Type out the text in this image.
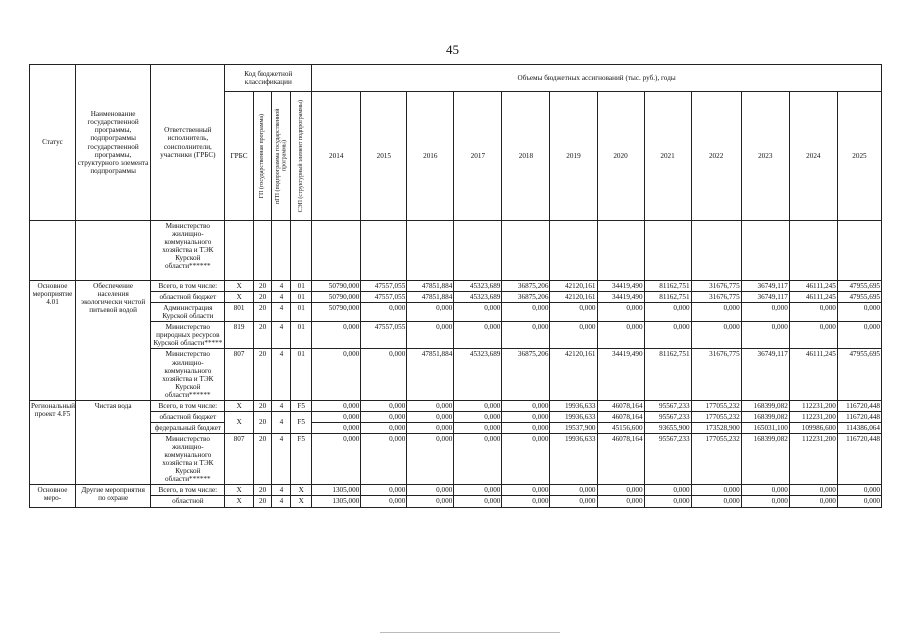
45
Статус	Наименование государственной программы, подпрограммы государственной программы, структурного элемента подпрограммы	Ответственный исполнитель, соисполнители, участники (ГРБС)	Код бюджетной классификации				Объемы бюджетных ассигнований (тыс. руб.), годы											
			ГРБС	ГП (государственная программа)	пГП (подпрограмма государственной программы)	СЭП (структурный элемент подпрограммы)	2014	2015	2016	2017	2018	2019	2020	2021	2022	2023	2024	2025
		Министерство жилищно-коммунального хозяйства и ТЭК Курской области******																
Основное мероприятие 4.01	Обеспечение населения экологически чистой питьевой водой	Всего, в том числе:	X	20	4	01	50790,000	47557,055	47851,884	45323,689	36875,206	42120,161	34419,490	81162,751	31676,775	36749,117	46111,245	47955,695
		областной бюджет	X	20	4	01	50790,000	47557,055	47851,884	45323,689	36875,206	42120,161	34419,490	81162,751	31676,775	36749,117	46111,245	47955,695
		Администрация Курской области	801	20	4	01	50790,000	0,000	0,000	0,000	0,000	0,000	0,000	0,000	0,000	0,000	0,000	0,000
		Министерство природных ресурсов Курской области*****	819	20	4	01	0,000	47557,055	0,000	0,000	0,000	0,000	0,000	0,000	0,000	0,000	0,000	0,000
		Министерство жилищно-коммунального хозяйства и ТЭК Курской области******	807	20	4	01	0,000	0,000	47851,884	45323,689	36875,206	42120,161	34419,490	81162,751	31676,775	36749,117	46111,245	47955,695
Региональный проект 4.F5	Чистая вода	Всего, в том числе:	X	20	4	F5	0,000	0,000	0,000	0,000	0,000	19936,633	46078,164	95567,233	177055,232	168399,082	112231,200	116720,448
		областной бюджет	X	20	4	F5	0,000	0,000	0,000	0,000	0,000	19936,633	46078,164	95567,233	177055,232	168399,082	112231,200	116720,448
		федеральный бюджет					0,000	0,000	0,000	0,000	0,000	19537,900	45156,600	93655,900	173528,900	165031,100	109986,600	114386,064
		Министерство жилищно-коммунального хозяйства и ТЭК Курской области******	807	20	4	F5	0,000	0,000	0,000	0,000	0,000	19936,633	46078,164	95567,233	177055,232	168399,082	112231,200	116720,448
Основное меро-	Другие мероприятия по охране	Всего, в том числе:	X	20	4	X	1305,000	0,000	0,000	0,000	0,000	0,000	0,000	0,000	0,000	0,000	0,000	0,000
		областной	X	20	4	X	1305,000	0,000	0,000	0,000	0,000	0,000	0,000	0,000	0,000	0,000	0,000	0,000
